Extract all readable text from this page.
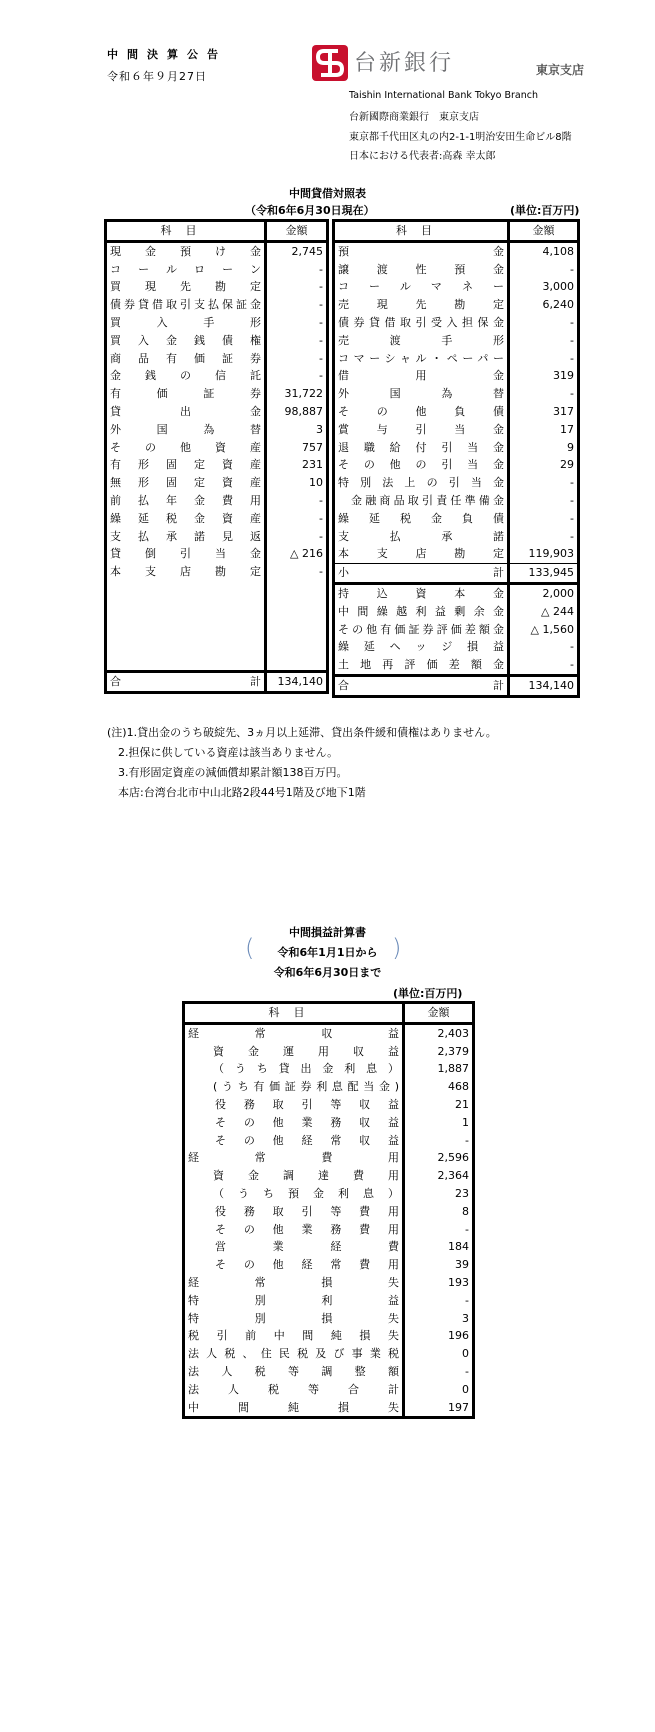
中間決算公告
令和６年９月27日
台新銀行	東京支店
Taishin International Bank Tokyo Branch
台新國際商業銀行　東京支店
東京都千代田区丸の内2-1-1明治安田生命ビル8階
日本における代表者:高森 幸太郎
中間貸借対照表
（令和6年6月30日現在）	(単位:百万円)
科目	金額
現金預け金	2,745
コールローン	-
買現先勘定	-
債券貸借取引支払保証金	-
買入手形	-
買入金銭債権	-
商品有価証券	-
金銭の信託	-
有価証券	31,722
貸出金	98,887
外国為替	3
その他資産	757
有形固定資産	231
無形固定資産	10
前払年金費用	-
繰延税金資産	-
支払承諾見返	-
貸倒引当金	△ 216
本支店勘定	-

合計	134,140
科目	金額
預金	4,108
譲渡性預金	-
コールマネー	3,000
売現先勘定	6,240
債券貸借取引受入担保金	-
売渡手形	-
コマーシャル・ペーパー	-
借用金	319
外国為替	-
その他負債	317
賞与引当金	17
退職給付引当金	9
その他の引当金	29
特別法上の引当金	-
金融商品取引責任準備金	-
繰延税金負債	-
支払承諾	-
本支店勘定	119,903
小計	133,945
持込資本金	2,000
中間繰越利益剰余金	△ 244
その他有価証券評価差額金	△ 1,560
繰延ヘッジ損益	-
土地再評価差額金	-
合計	134,140
(注)1.貸出金のうち破綻先、3ヵ月以上延滞、貸出条件緩和債権はありません。
2.担保に供している資産は該当ありません。
3.有形固定資産の減価償却累計額138百万円。
本店:台湾台北市中山北路2段44号1階及び地下1階
中間損益計算書
(	令和6年1月1日から
令和6年6月30日まで
)
(単位:百万円)
科目	金額
経常収益	2,403
資金運用収益	2,379
（うち貸出金利息）	1,887
(うち有価証券利息配当金)	468
役務取引等収益	21
その他業務収益	1
その他経常収益	-
経常費用	2,596
資金調達費用	2,364
（うち預金利息）	23
役務取引等費用	8
その他業務費用	-
営業経費	184
その他経常費用	39
経常損失	193
特別利益	-
特別損失	3
税引前中間純損失	196
法人税、住民税及び事業税	0
法人税等調整額	-
法人税等合計	0
中間純損失	197
